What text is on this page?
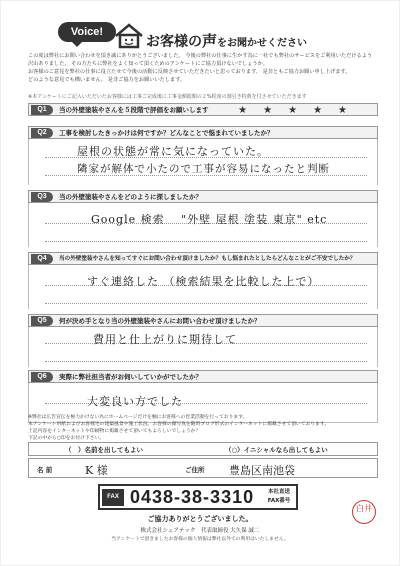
Voice!
お客様の声をお聞かせください

この度は弊社にお問い合わせを頂き誠にありがとうございました。 今後の弊社の仕事に生かす為に一社でも弊社のサービスをご利用いただけるよう

沢山ありました。 その方たちに弊社をよく知って頂くためのアンケートにご協力頂けないでしょうか。

お客様のご意見を弊社の仕事に役立たせて今後の活動に反映させていただきたいと思っております。 是非ともご協力お願い申し上げます。

どのような意見でも構いません。 是非ご協力をお願いいたします。

※本アンケートにご記入いただいたお客様には工事ご完成後に工事金額総額の２%程度の割引き特典を付させていただきます
Q1	当の外壁塗装やさんを５段階で評価をお願いします	★ ★ ★ ★ ★
Q2	工事を検討したきっかけは何ですか？どんなことで悩まれていましたか？
屋根の状態が常に気になっていた。
隣家が解体で小たので工事が容易になったと判断
Q3	当の外壁塗装やさんをどのように探しましたか？
Google 検索　 "外壁 屋根 塗装 東京" etc
Q4	当の外壁塗装やさんを知ってすぐにお問い合わせ頂けましたか？もし悩まれたとしたらどんなことがご不安でしたか？
すぐ連絡した （検索結果を比較した上で）
Q5	何が決め手となり当の外壁塗装やさんにお問い合わせ頂けましたか？
費用と仕上がりに期待して
Q6	実際に弊社担当者がお伺いしていかがでしたか？
大変良い方でした
※弊社は広告宣伝を極力かけない為にホームページだけを軸にお客様への営業活動を行っております。
本アンケート用紙およびお客様宅の建築風景や施工状況、お客様の顔写真を随時ブログ形式のインターネットに掲載させて頂いております。
上記内容をインターネットや印刷物に掲載させて頂いてもよろしいでしょうか？
下記の中から○印をお付け下さい。
（　）名前を出してもよい	（○）イニシャルなら出してもよい
名 前	K 様	ご住所 豊島区南池袋
FAX 0438-38-3310	本社直送 FAX番号
ご協力ありがとうございました。
株式会社シェアテック　代表取締役 大久保 誠二
当アンケートで頂きましたお客様の個人情報は弊社以外での利用はいたしません。
白井
